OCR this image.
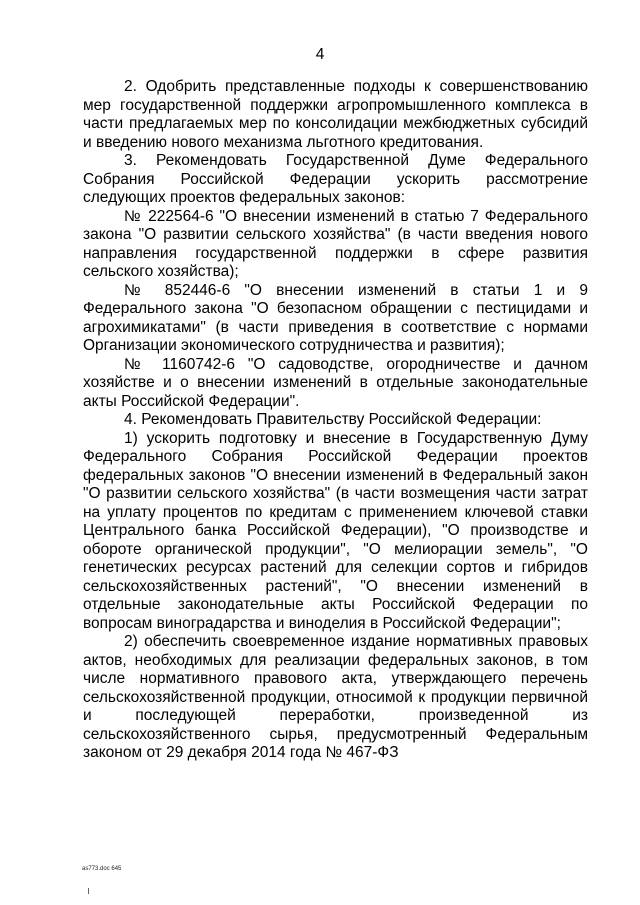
4

2. Одобрить представленные подходы к совершенствованию мер государственной поддержки агропромышленного комплекса в части предлагаемых мер по консолидации межбюджетных субсидий и введению нового механизма льготного кредитования.

3. Рекомендовать Государственной Думе Федерального Собрания Российской Федерации ускорить рассмотрение следующих проектов федеральных законов:

№ 222564-6 "О внесении изменений в статью 7 Федерального закона "О развитии сельского хозяйства" (в части введения нового направления государственной поддержки в сфере развития сельского хозяйства);

№ 852446-6 "О внесении изменений в статьи 1 и 9 Федерального закона "О безопасном обращении с пестицидами и агрохимикатами" (в части приведения в соответствие с нормами Организации экономического сотрудничества и развития);

№ 1160742-6 "О садоводстве, огородничестве и дачном хозяйстве и о внесении изменений в отдельные законодательные акты Российской Федерации".

4. Рекомендовать Правительству Российской Федерации:

1) ускорить подготовку и внесение в Государственную Думу Федерального Собрания Российской Федерации проектов федеральных законов "О внесении изменений в Федеральный закон "О развитии сельского хозяйства" (в части возмещения части затрат на уплату процентов по кредитам с применением ключевой ставки Центрального банка Российской Федерации), "О производстве и обороте органической продукции", "О мелиорации земель", "О генетических ресурсах растений для селекции сортов и гибридов сельскохозяйственных растений", "О внесении изменений в отдельные законодательные акты Российской Федерации по вопросам виноградарства и виноделия в Российской Федерации";

2) обеспечить своевременное издание нормативных правовых актов, необходимых для реализации федеральных законов, в том числе нормативного правового акта, утверждающего перечень сельскохозяйственной продукции, относимой к продукции первичной и последующей переработки, произведенной из сельскохозяйственного сырья, предусмотренный Федеральным законом от 29 декабря 2014 года № 467-ФЗ

as773.doc 645
